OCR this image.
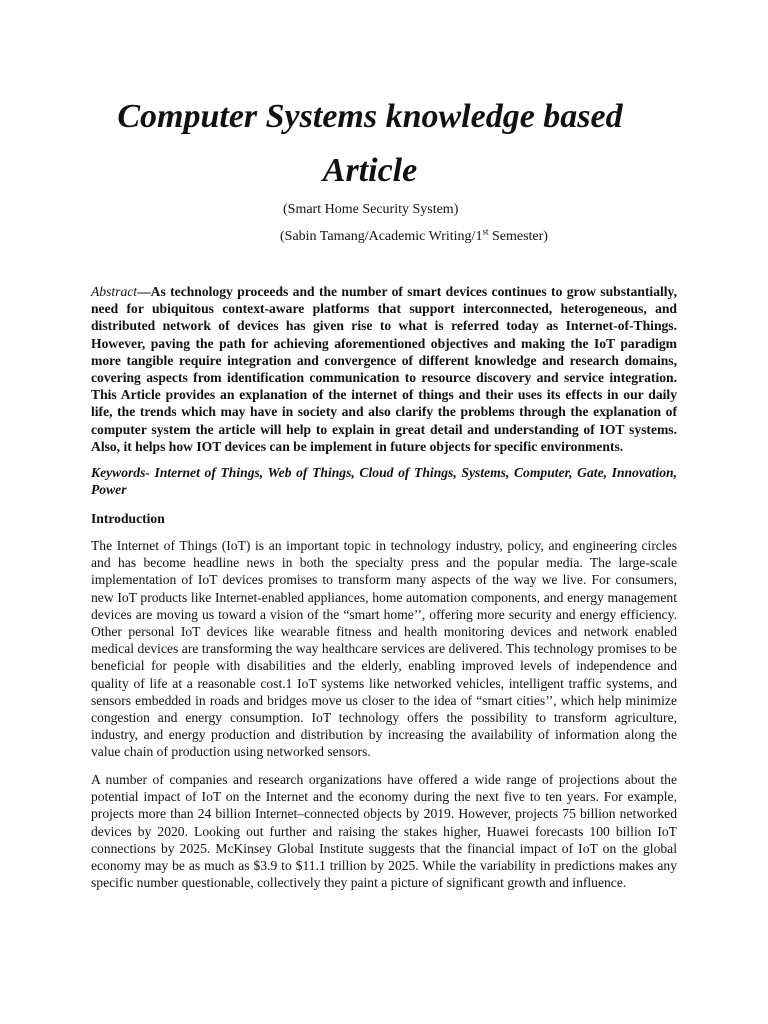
Computer Systems knowledge based
Article

(Smart Home Security System)

(Sabin Tamang/Academic Writing/1st Semester)

Abstract—As technology proceeds and the number of smart devices continues to grow substantially, need for ubiquitous context-aware platforms that support interconnected, heterogeneous, and distributed network of devices has given rise to what is referred today as Internet-of-Things. However, paving the path for achieving aforementioned objectives and making the IoT paradigm more tangible require integration and convergence of different knowledge and research domains, covering aspects from identification communication to resource discovery and service integration. This Article provides an explanation of the internet of things and their uses its effects in our daily life, the trends which may have in society and also clarify the problems through the explanation of computer system the article will help to explain in great detail and understanding of IOT systems. Also, it helps how IOT devices can be implement in future objects for specific environments.

Keywords- Internet of Things, Web of Things, Cloud of Things, Systems, Computer, Gate, Innovation, Power

Introduction

The Internet of Things (IoT) is an important topic in technology industry, policy, and engineering circles and has become headline news in both the specialty press and the popular media. The large-scale implementation of IoT devices promises to transform many aspects of the way we live. For consumers, new IoT products like Internet-enabled appliances, home automation components, and energy management devices are moving us toward a vision of the “smart home’’, offering more security and energy efficiency. Other personal IoT devices like wearable fitness and health monitoring devices and network enabled medical devices are transforming the way healthcare services are delivered. This technology promises to be beneficial for people with disabilities and the elderly, enabling improved levels of independence and quality of life at a reasonable cost.1 IoT systems like networked vehicles, intelligent traffic systems, and sensors embedded in roads and bridges move us closer to the idea of “smart cities’’, which help minimize congestion and energy consumption. IoT technology offers the possibility to transform agriculture, industry, and energy production and distribution by increasing the availability of information along the value chain of production using networked sensors.

A number of companies and research organizations have offered a wide range of projections about the potential impact of IoT on the Internet and the economy during the next five to ten years. For example, projects more than 24 billion Internet–connected objects by 2019. However, projects 75 billion networked devices by 2020. Looking out further and raising the stakes higher, Huawei forecasts 100 billion IoT connections by 2025. McKinsey Global Institute suggests that the financial impact of IoT on the global economy may be as much as $3.9 to $11.1 trillion by 2025. While the variability in predictions makes any specific number questionable, collectively they paint a picture of significant growth and influence.
